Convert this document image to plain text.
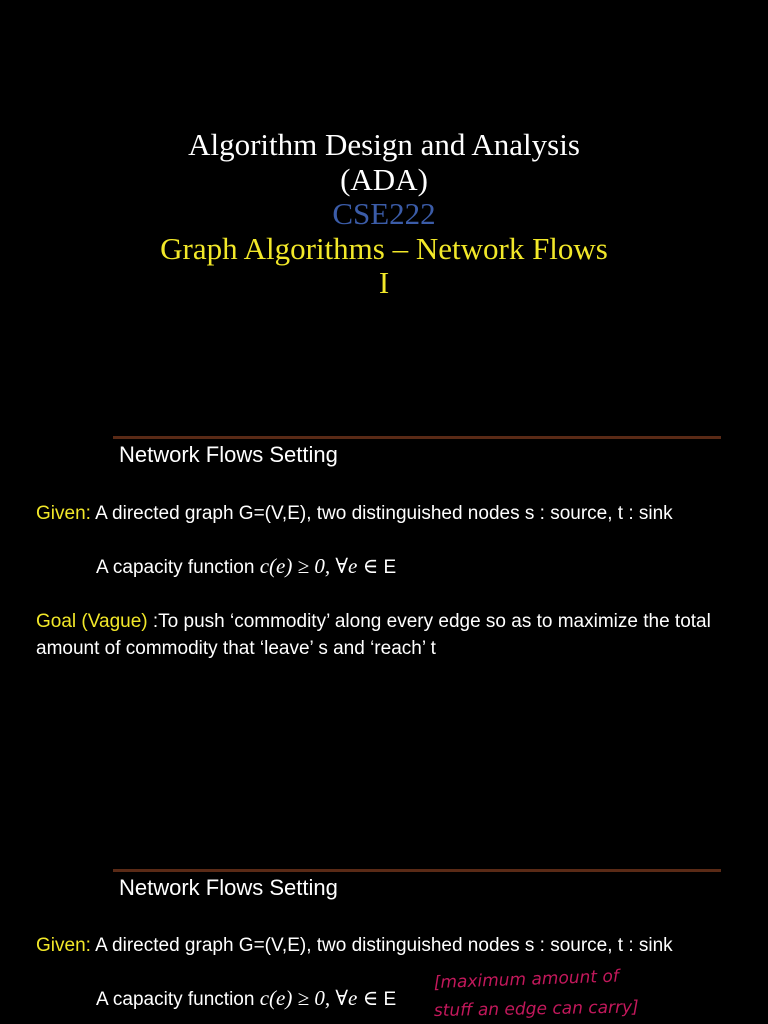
Algorithm Design and Analysis
(ADA)
CSE222
Graph Algorithms – Network Flows
I
Network Flows Setting
Given: A directed graph G=(V,E), two distinguished nodes s : source, t : sink
A capacity function c(e) ≥ 0, ∀e ∈ E
Goal (Vague) :To push ‘commodity’ along every edge so as to maximize the total amount of commodity that ‘leave’ s and ‘reach’ t
Network Flows Setting
Given: A directed graph G=(V,E), two distinguished nodes s : source, t : sink
A capacity function c(e) ≥ 0, ∀e ∈ E
[maximum amount of
stuff an edge can carry]
